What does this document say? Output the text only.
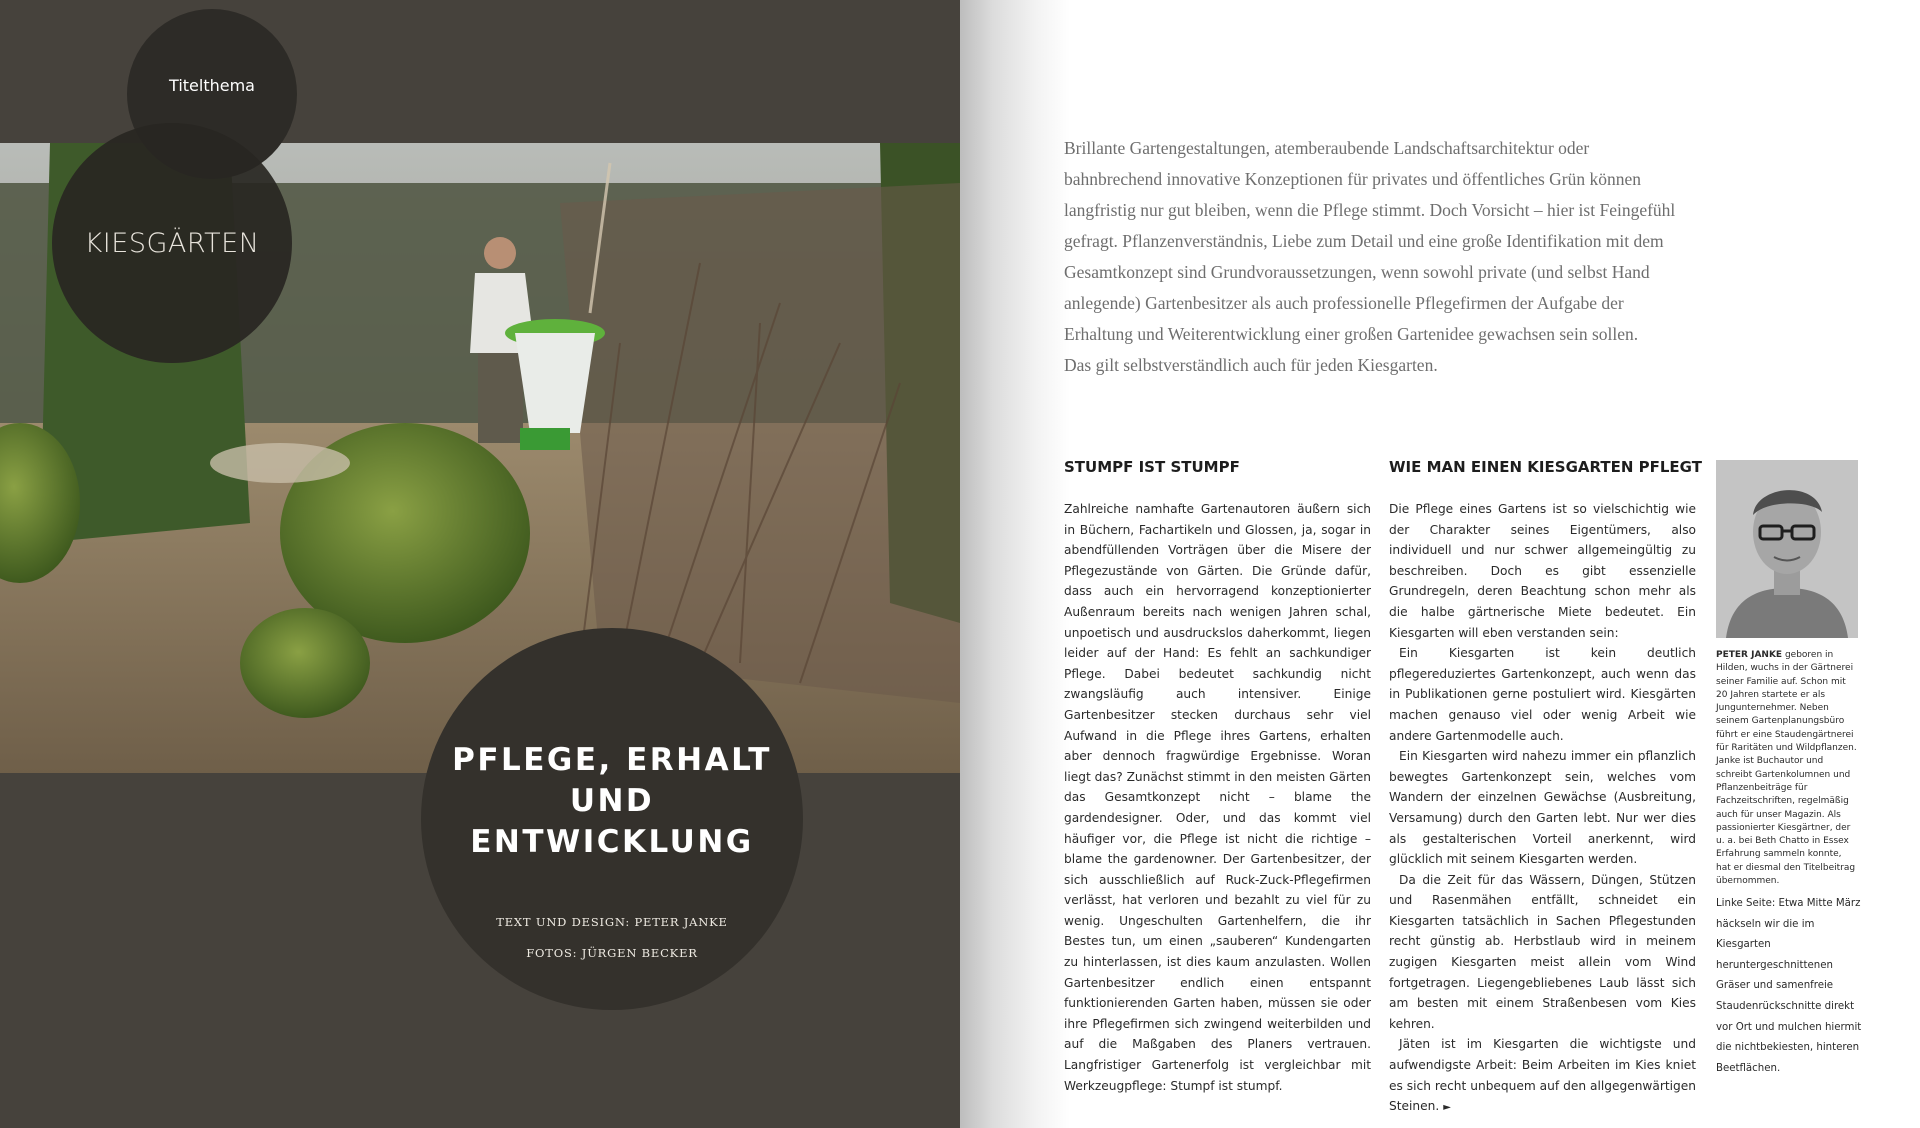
Titelthema
KIESGÄRTEN
PFLEGE, ERHALT
UND
ENTWICKLUNG
TEXT UND DESIGN: PETER JANKE
FOTOS: JÜRGEN BECKER
Brillante Gartengestaltungen, atemberaubende Landschaftsarchitektur oder
bahnbrechend innovative Konzeptionen für privates und öffentliches Grün können
langfristig nur gut bleiben, wenn die Pflege stimmt. Doch Vorsicht – hier ist Feingefühl
gefragt. Pflanzenverständnis, Liebe zum Detail und eine große Identifikation mit dem
Gesamtkonzept sind Grundvoraussetzungen, wenn sowohl private (und selbst Hand
anlegende) Gartenbesitzer als auch professionelle Pflegefirmen der Aufgabe der
Erhaltung und Weiterentwicklung einer großen Gartenidee gewachsen sein sollen.
Das gilt selbstverständlich auch für jeden Kiesgarten.
STUMPF IST STUMPF	WIE MAN EINEN KIESGARTEN PFLEGT
Zahlreiche namhafte Gartenautoren äußern sich in Büchern, Fachartikeln und Glossen, ja, sogar in abendfüllenden Vorträgen über die Misere der Pflegezustände von Gärten. Die Gründe dafür, dass auch ein hervorragend konzeptionierter Außenraum bereits nach wenigen Jahren schal, unpoetisch und ausdruckslos daherkommt, liegen leider auf der Hand: Es fehlt an sachkundiger Pflege. Dabei bedeutet sachkundig nicht zwangsläufig auch intensiver. Einige Gartenbesitzer stecken durchaus sehr viel Aufwand in die Pflege ihres Gartens, erhalten aber dennoch fragwürdige Ergebnisse. Woran liegt das? Zunächst stimmt in den meisten Gärten das Gesamtkonzept nicht – blame the gardendesigner. Oder, und das kommt viel häufiger vor, die Pflege ist nicht die richtige – blame the gardenowner. Der Gartenbesitzer, der sich ausschließlich auf Ruck-Zuck-Pflegefirmen verlässt, hat verloren und bezahlt zu viel für zu wenig. Ungeschulten Gartenhelfern, die ihr Bestes tun, um einen „sauberen“ Kundengarten zu hinterlassen, ist dies kaum anzulasten. Wollen Gartenbesitzer endlich einen entspannt funktionierenden Garten haben, müssen sie oder ihre Pflegefirmen sich zwingend weiterbilden und auf die Maßgaben des Planers vertrauen. Langfristiger Gartenerfolg ist vergleichbar mit Werkzeugpflege: Stumpf ist stumpf.

Die Pflege eines Gartens ist so vielschichtig wie der Charakter seines Eigentümers, also individuell und nur schwer allgemeingültig zu beschreiben. Doch es gibt essenzielle Grundregeln, deren Beachtung schon mehr als die halbe gärtnerische Miete bedeutet. Ein Kiesgarten will eben verstanden sein:

Ein Kiesgarten ist kein deutlich pflegereduziertes Gartenkonzept, auch wenn das in Publikationen gerne postuliert wird. Kiesgärten machen genauso viel oder wenig Arbeit wie andere Gartenmodelle auch.

Ein Kiesgarten wird nahezu immer ein pflanzlich bewegtes Gartenkonzept sein, welches vom Wandern der einzelnen Gewächse (Ausbreitung, Versamung) durch den Garten lebt. Nur wer dies als gestalterischen Vorteil anerkennt, wird glücklich mit seinem Kiesgarten werden.

Da die Zeit für das Wässern, Düngen, Stützen und Rasenmähen entfällt, schneidet ein Kiesgarten tatsächlich in Sachen Pflegestunden recht günstig ab. Herbstlaub wird in meinem zugigen Kiesgarten meist allein vom Wind fortgetragen. Liegengebliebenes Laub lässt sich am besten mit einem Straßenbesen vom Kies kehren.

Jäten ist im Kiesgarten die wichtigste und aufwendigste Arbeit: Beim Arbeiten im Kies kniet es sich recht unbequem auf den allgegenwärtigen Steinen. ►

PETER JANKE geboren in Hilden, wuchs in der Gärtnerei seiner Familie auf. Schon mit 20 Jahren startete er als Jungunternehmer. Neben seinem Gartenplanungsbüro führt er eine Staudengärtnerei für Raritäten und Wildpflanzen. Janke ist Buchautor und schreibt Gartenkolumnen und Pflanzenbeiträge für Fachzeitschriften, regelmäßig auch für unser Magazin. Als passionierter Kiesgärtner, der u. a. bei Beth Chatto in Essex Erfahrung sammeln konnte, hat er diesmal den Titelbeitrag übernommen.
Linke Seite: Etwa Mitte März häckseln wir die im Kiesgarten heruntergeschnittenen Gräser und samenfreie Staudenrückschnitte direkt vor Ort und mulchen hiermit die nichtbekiesten, hinteren Beetflächen.
